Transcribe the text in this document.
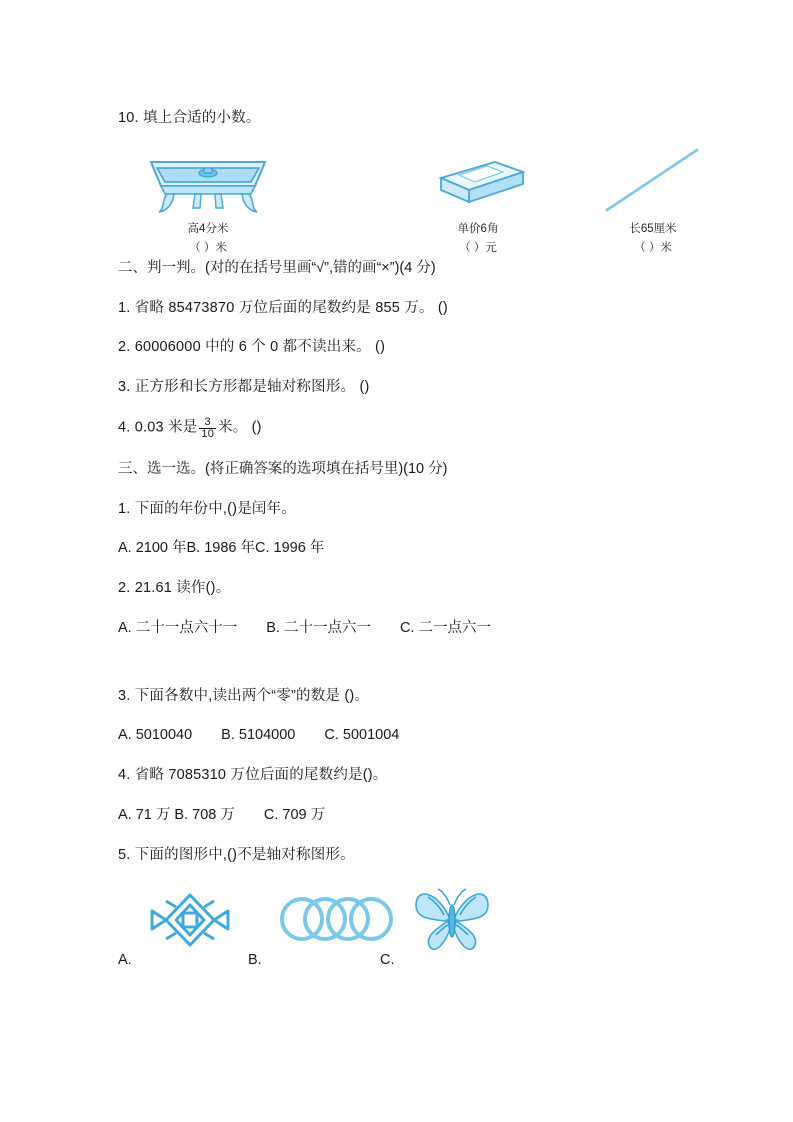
10. 填上合适的小数。
高4分米
（ ）米
单价6角
（ ）元
长65厘米
（ ）米
二、判一判。(对的在括号里画“√”,错的画“×”)(4 分)
1. 省略 85473870 万位后面的尾数约是 855 万。 ()
2. 60006000 中的 6 个 0 都不读出来。 ()
3. 正方形和长方形都是轴对称图形。 ()
4. 0.03 米是 $\frac{3}{10}$ 米。 ()
三、选一选。(将正确答案的选项填在括号里)(10 分)
1. 下面的年份中,()是闰年。
A. 2100 年B. 1986 年C. 1996 年
2. 21.61 读作()。
A. 二十一点六十一　　B. 二十一点六一　　C. 二一点六一
3. 下面各数中,读出两个“零”的数是 ()。
A. 5010040　　B. 5104000　　C. 5001004
4. 省略 7085310 万位后面的尾数约是()。
A. 71 万 B. 708 万　　C. 709 万
5. 下面的图形中,()不是轴对称图形。
A.	B.	C.
